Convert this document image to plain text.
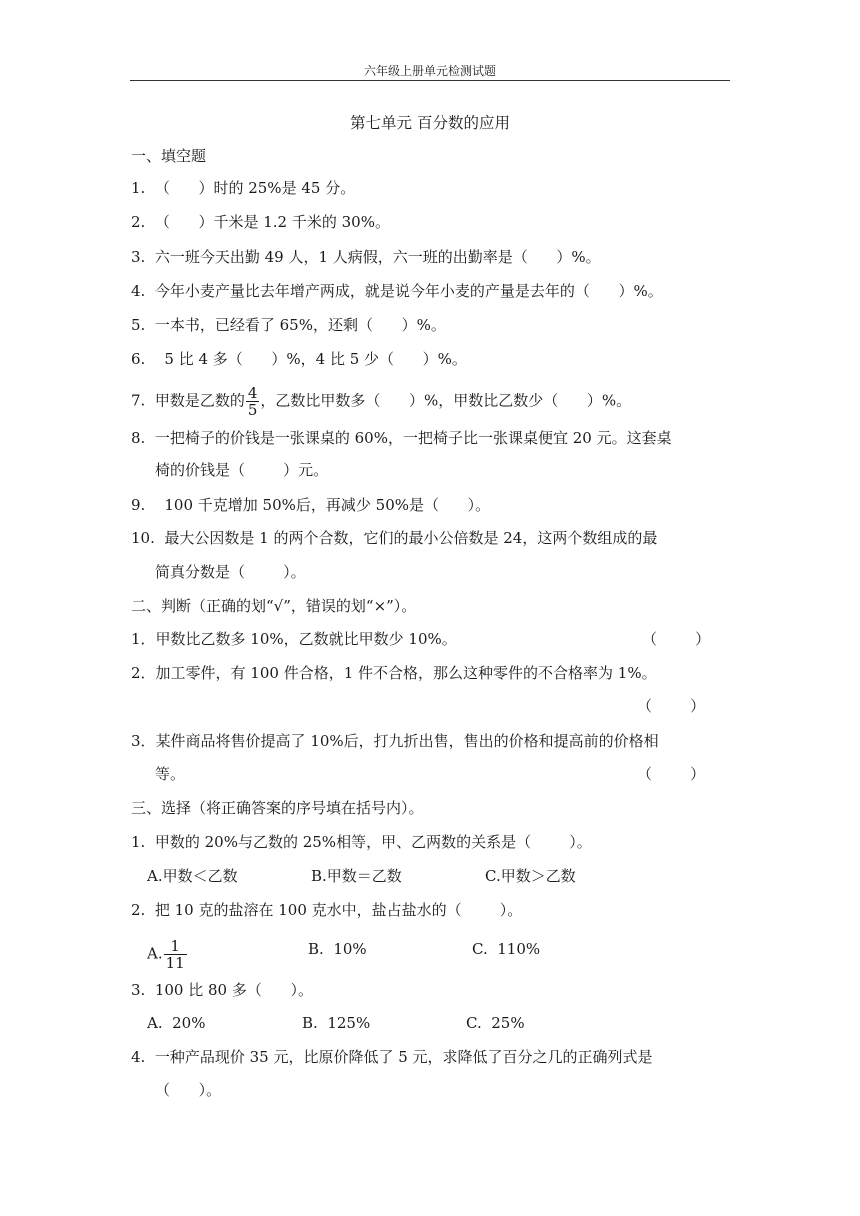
六年级上册单元检测试题
第七单元 百分数的应用
一、填空题
1.  （      ）时的 25%是 45 分。
2.  （      ）千米是 1.2 千米的 30%。
3.  六一班今天出勤 49 人，1 人病假，六一班的出勤率是（      ）%。
4.  今年小麦产量比去年增产两成，就是说今年小麦的产量是去年的（      ）%。
5.  一本书，已经看了 65%，还剩（      ）%。
6.    5 比 4 多（      ）%，4 比 5 少（      ）%。
7.  甲数是乙数的 $\frac{4}{5}$ ，乙数比甲数多（      ）%，甲数比乙数少（      ）%。
8.  一把椅子的价钱是一张课桌的 60%，一把椅子比一张课桌便宜 20 元。这套桌
椅的价钱是（        ）元。
9.    100 千克增加 50%后，再减少 50%是（      ）。
10.  最大公因数是 1 的两个合数，它们的最小公倍数是 24，这两个数组成的最
简真分数是（        ）。
二、判断（正确的划“√”，错误的划“×”）。
1．甲数比乙数多 10%，乙数就比甲数少 10%。	（        ）
2．加工零件，有 100 件合格，1 件不合格，那么这种零件的不合格率为 1%。
（        ）
3．某件商品将售价提高了 10%后，打九折出售，售出的价格和提高前的价格相
等。	（        ）
三、选择（将正确答案的序号填在括号内）。
1.  甲数的 20%与乙数的 25%相等，甲、乙两数的关系是（        ）。
A.甲数＜乙数	B.甲数＝乙数	C.甲数＞乙数
2.  把 10 克的盐溶在 100 克水中，盐占盐水的（        ）。
A. $\frac{1}{11}$	B.  10%	C.  110%
3.  100 比 80 多（      ）。
A.  20%	B.  125%	C.  25%
4.  一种产品现价 35 元，比原价降低了 5 元，求降低了百分之几的正确列式是
（      ）。
